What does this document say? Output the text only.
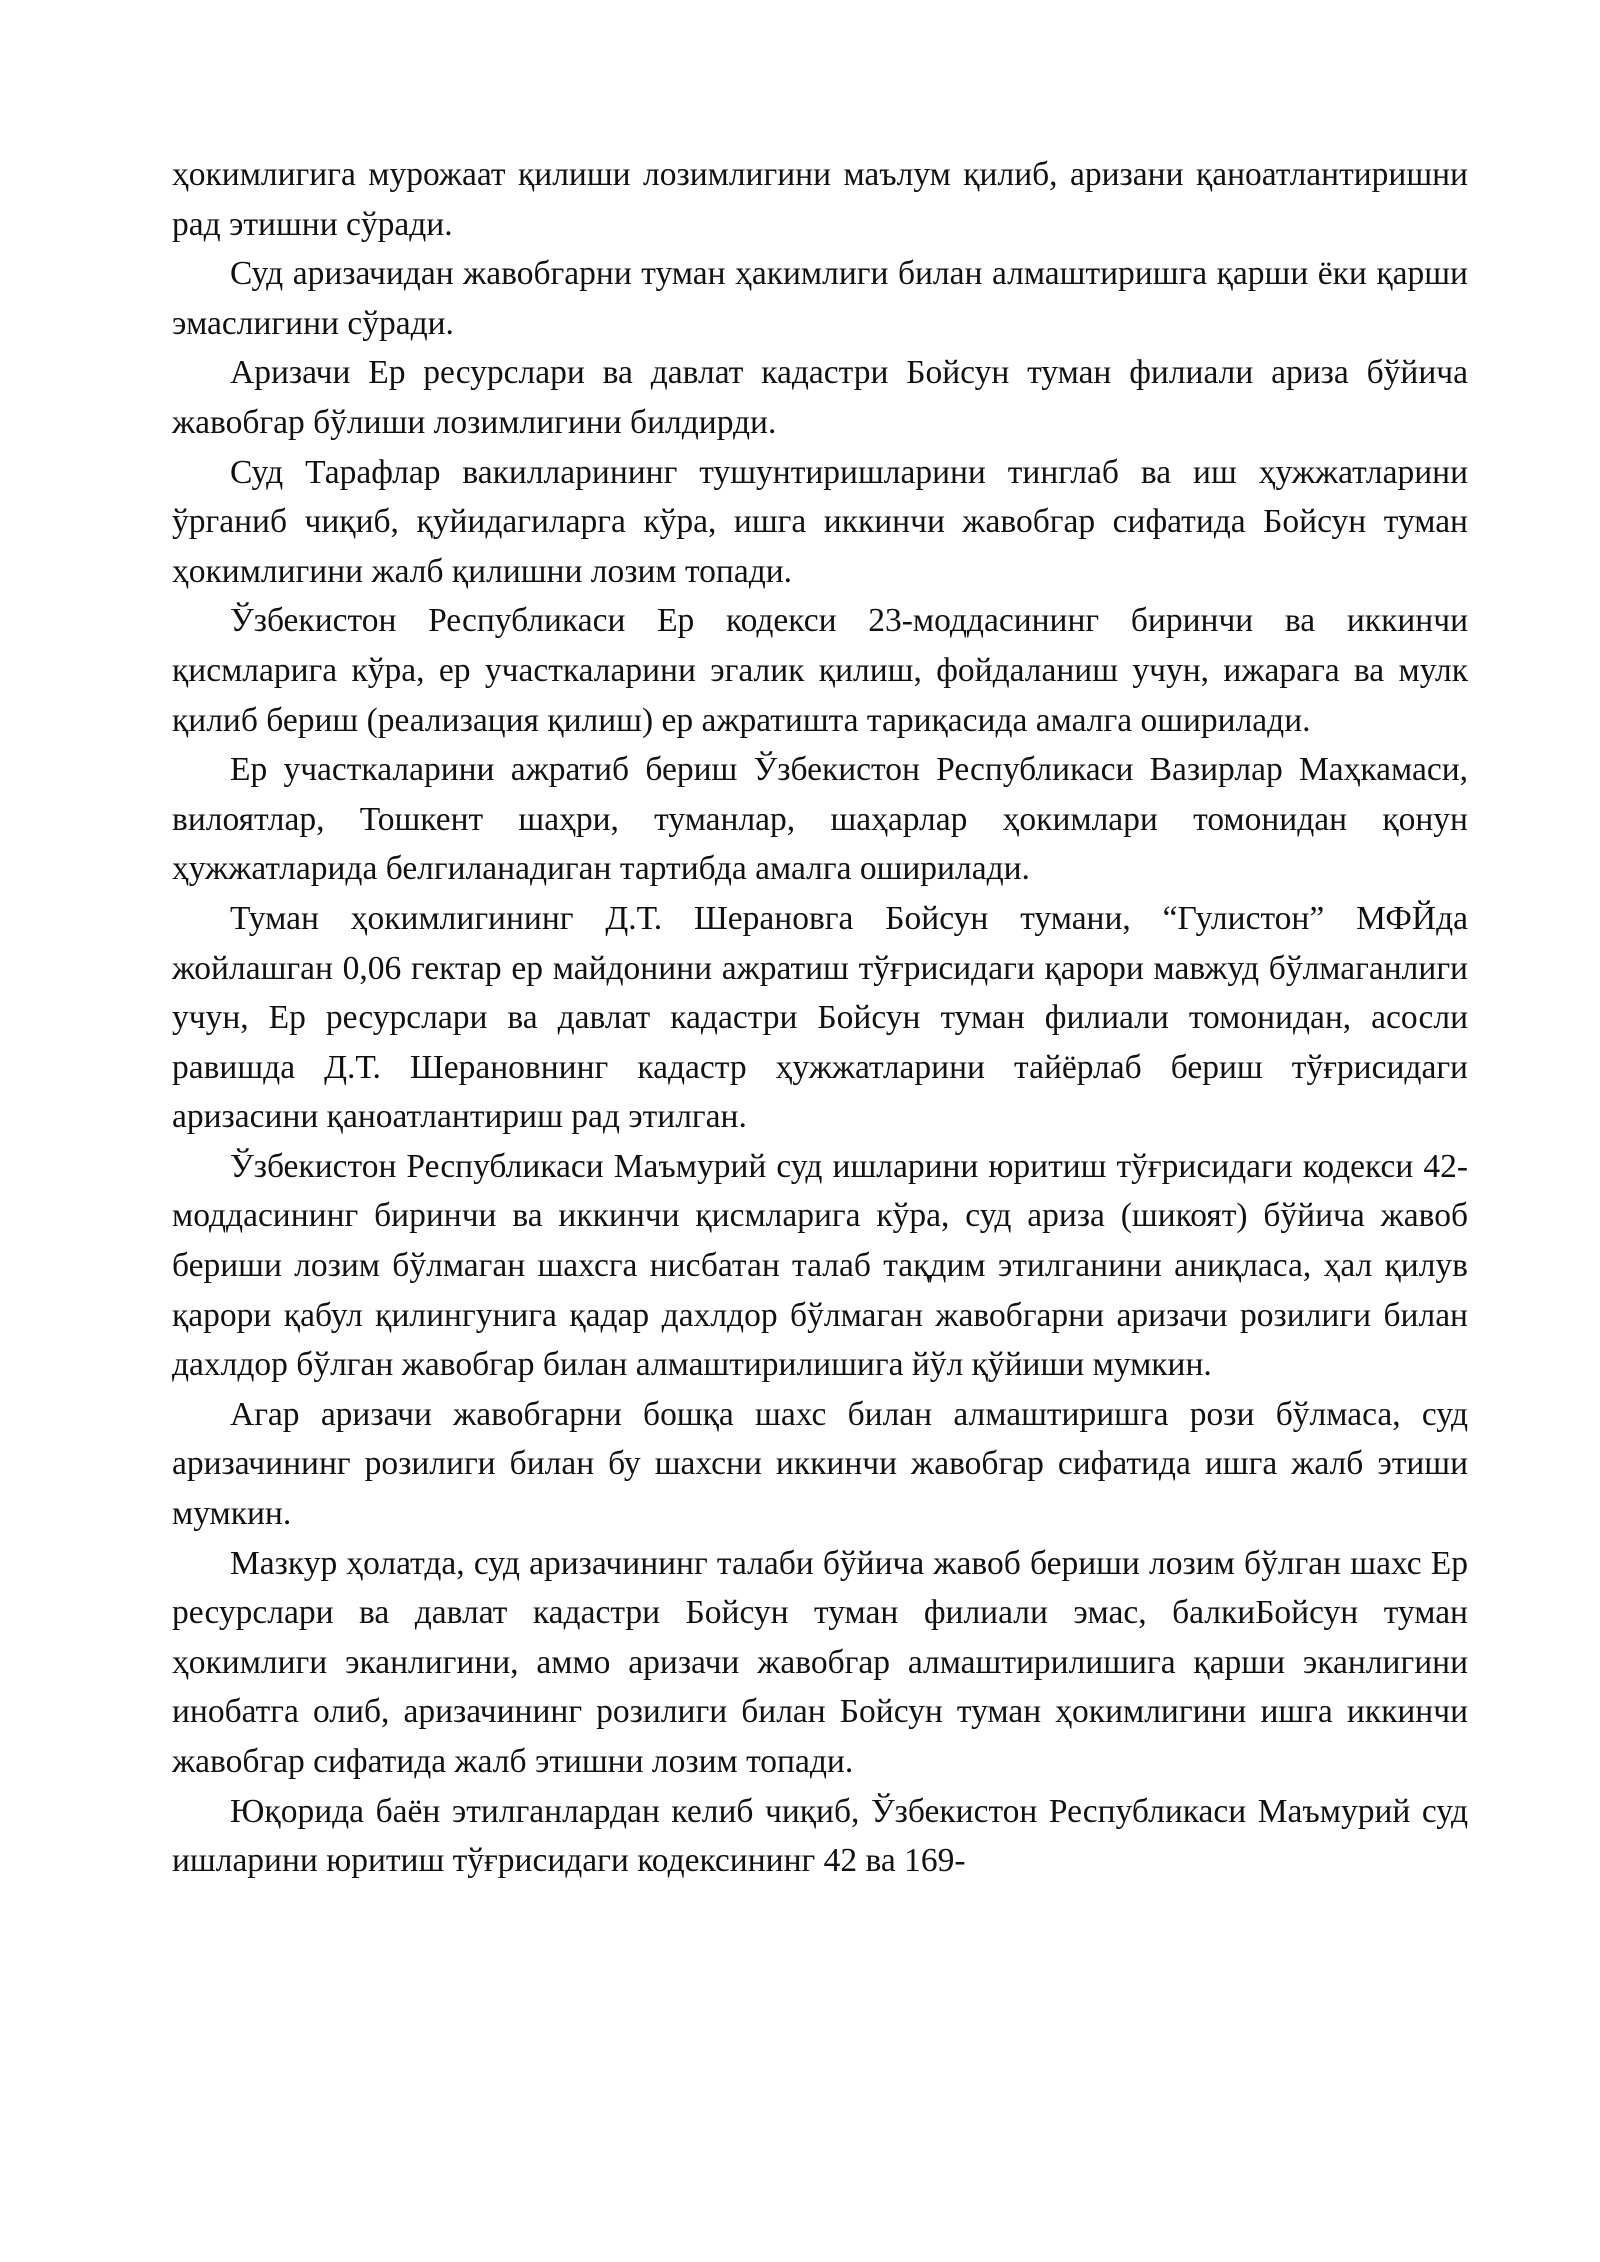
ҳокимлигига мурожаат қилиши лозимлигини маълум қилиб, аризани қаноатлантиришни рад этишни сўради.

Суд аризачидан жавобгарни туман ҳакимлиги билан алмаштиришга қарши ёки қарши эмаслигини сўради.

Аризачи Ер ресурслари ва давлат кадастри Бойсун туман филиали ариза бўйича жавобгар бўлиши лозимлигини билдирди.

Суд Тарафлар вакилларининг тушунтиришларини тинглаб ва иш ҳужжатларини ўрганиб чиқиб, қуйидагиларга кўра, ишга иккинчи жавобгар сифатида Бойсун туман ҳокимлигини жалб қилишни лозим топади.

Ўзбекистон Республикаси Ер кодекси 23-моддасининг биринчи ва иккинчи қисмларига кўра, ер участкаларини эгалик қилиш, фойдаланиш учун, ижарага ва мулк қилиб бериш (реализация қилиш) ер ажратишта тариқасида амалга оширилади.

Ер участкаларини ажратиб бериш Ўзбекистон Республикаси Вазирлар Маҳкамаси, вилоятлар, Тошкент шаҳри, туманлар, шаҳарлар ҳокимлари томонидан қонун ҳужжатларида белгиланадиган тартибда амалга оширилади.

Туман ҳокимлигининг Д.Т. Шерановга Бойсун тумани, “Гулистон” МФЙда жойлашган 0,06 гектар ер майдонини ажратиш тўғрисидаги қарори мавжуд бўлмаганлиги учун, Ер ресурслари ва давлат кадастри Бойсун туман филиали томонидан, асосли равишда Д.Т. Шерановнинг кадастр ҳужжатларини тайёрлаб бериш тўғрисидаги аризасини қаноатлантириш рад этилган.

Ўзбекистон Республикаси Маъмурий суд ишларини юритиш тўғрисидаги кодекси 42-моддасининг биринчи ва иккинчи қисмларига кўра, суд ариза (шикоят) бўйича жавоб бериши лозим бўлмаган шахсга нисбатан талаб тақдим этилганини аниқласа, ҳал қилув қарори қабул қилингунига қадар дахлдор бўлмаган жавобгарни аризачи розилиги билан дахлдор бўлган жавобгар билан алмаштирилишига йўл қўйиши мумкин.

Агар аризачи жавобгарни бошқа шахс билан алмаштиришга рози бўлмаса, суд аризачининг розилиги билан бу шахсни иккинчи жавобгар сифатида ишга жалб этиши мумкин.

Мазкур ҳолатда, суд аризачининг талаби бўйича жавоб бериши лозим бўлган шахс Ер ресурслари ва давлат кадастри Бойсун туман филиали эмас, балкиБойсун туман ҳокимлиги эканлигини, аммо аризачи жавобгар алмаштирилишига қарши эканлигини инобатга олиб, аризачининг розилиги билан Бойсун туман ҳокимлигини ишга иккинчи жавобгар сифатида жалб этишни лозим топади.

Юқорида баён этилганлардан келиб чиқиб, Ўзбекистон Республикаси Маъмурий суд ишларини юритиш тўғрисидаги кодексининг 42 ва 169-
